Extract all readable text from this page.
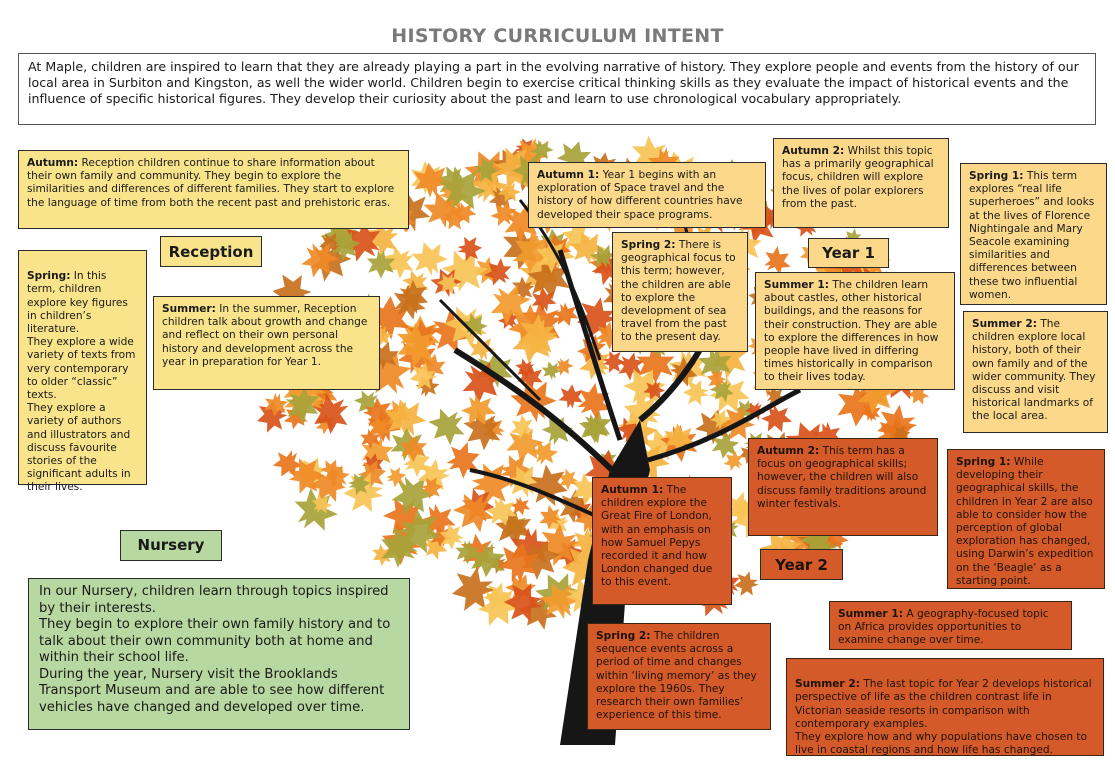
HISTORY CURRICULUM INTENT
At Maple, children are inspired to learn that they are already playing a part in the evolving narrative of history. They explore people and events from the history of our local area in Surbiton and Kingston, as well the wider world. Children begin to exercise critical thinking skills as they evaluate the impact of historical events and the influence of specific historical figures. They develop their curiosity about the past and learn to use chronological vocabulary appropriately.
Autumn: Reception children continue to share information about their own family and community. They begin to explore the similarities and differences of different families. They start to explore the language of time from both the recent past and prehistoric eras.
Reception

Spring: In this term, children explore key figures in children’s literature.
They explore a wide variety of texts from very contemporary to older “classic” texts.
They explore a variety of authors and illustrators and discuss favourite stories of the significant adults in their lives.

Summer: In the summer, Reception children talk about growth and change and reflect on their own personal history and development across the year in preparation for Year 1.
Autumn 1: Year 1 begins with an exploration of Space travel and the history of how different countries have developed their space programs.
Autumn 2: Whilst this topic has a primarily geographical focus, children will explore the lives of polar explorers from the past.
Spring 1: This term explores “real life superheroes” and looks at the lives of Florence Nightingale and Mary Seacole examining similarities and differences between these two influential women.
Spring 2: There is geographical focus to this term; however, the children are able to explore the development of sea travel from the past to the present day.
Year 1
Summer 1: The children learn about castles, other historical buildings, and the reasons for their construction. They are able to explore the differences in how people have lived in differing times historically in comparison to their lives today.
Summer 2: The children explore local history, both of their own family and of the wider community. They discuss and visit historical landmarks of the local area.
Autumn 2: This term has a focus on geographical skills; however, the children will also discuss family traditions around winter festivals.
Spring 1: While developing their geographical skills, the children in Year 2 are also able to consider how the perception of global exploration has changed, using Darwin’s expedition on the ‘Beagle’ as a starting point.
Autumn 1: The children explore the Great Fire of London, with an emphasis on how Samuel Pepys recorded it and how London changed due to this event.
Year 2
Summer 1: A geography-focused topic on Africa provides opportunities to examine change over time.
Spring 2: The children sequence events across a period of time and changes within ‘living memory’ as they explore the 1960s. They research their own families’ experience of this time.

Summer 2: The last topic for Year 2 develops historical perspective of life as the children contrast life in Victorian seaside resorts in comparison with contemporary examples.
They explore how and why populations have chosen to live in coastal regions and how life has changed.

Nursery
In our Nursery, children learn through topics inspired by their interests.
They begin to explore their own family history and to talk about their own community both at home and within their school life.
During the year, Nursery visit the Brooklands Transport Museum and are able to see how different vehicles have changed and developed over time.
